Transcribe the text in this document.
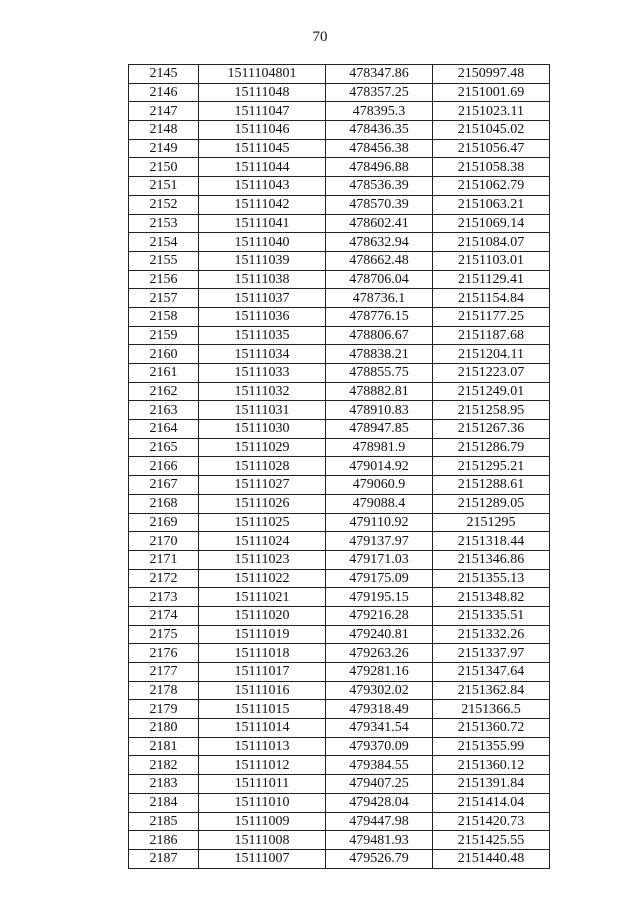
70
2145	1511104801	478347.86	2150997.48
2146	15111048	478357.25	2151001.69
2147	15111047	478395.3	2151023.11
2148	15111046	478436.35	2151045.02
2149	15111045	478456.38	2151056.47
2150	15111044	478496.88	2151058.38
2151	15111043	478536.39	2151062.79
2152	15111042	478570.39	2151063.21
2153	15111041	478602.41	2151069.14
2154	15111040	478632.94	2151084.07
2155	15111039	478662.48	2151103.01
2156	15111038	478706.04	2151129.41
2157	15111037	478736.1	2151154.84
2158	15111036	478776.15	2151177.25
2159	15111035	478806.67	2151187.68
2160	15111034	478838.21	2151204.11
2161	15111033	478855.75	2151223.07
2162	15111032	478882.81	2151249.01
2163	15111031	478910.83	2151258.95
2164	15111030	478947.85	2151267.36
2165	15111029	478981.9	2151286.79
2166	15111028	479014.92	2151295.21
2167	15111027	479060.9	2151288.61
2168	15111026	479088.4	2151289.05
2169	15111025	479110.92	2151295
2170	15111024	479137.97	2151318.44
2171	15111023	479171.03	2151346.86
2172	15111022	479175.09	2151355.13
2173	15111021	479195.15	2151348.82
2174	15111020	479216.28	2151335.51
2175	15111019	479240.81	2151332.26
2176	15111018	479263.26	2151337.97
2177	15111017	479281.16	2151347.64
2178	15111016	479302.02	2151362.84
2179	15111015	479318.49	2151366.5
2180	15111014	479341.54	2151360.72
2181	15111013	479370.09	2151355.99
2182	15111012	479384.55	2151360.12
2183	15111011	479407.25	2151391.84
2184	15111010	479428.04	2151414.04
2185	15111009	479447.98	2151420.73
2186	15111008	479481.93	2151425.55
2187	15111007	479526.79	2151440.48
